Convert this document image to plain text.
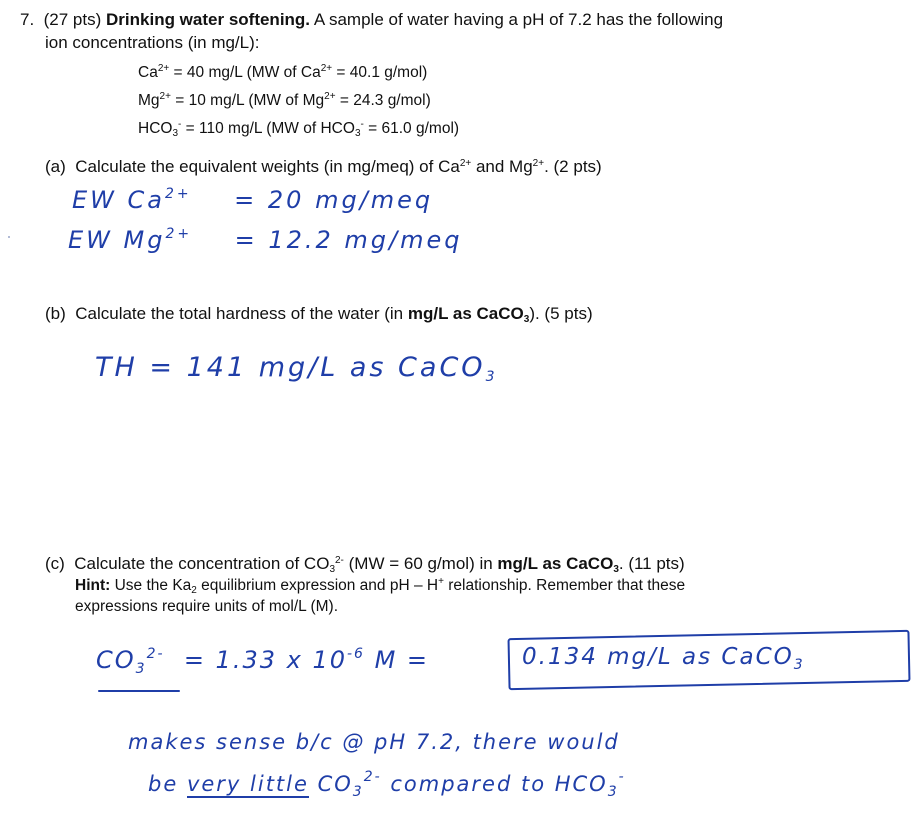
7. (27 pts) Drinking water softening. A sample of water having a pH of 7.2 has the following
ion concentrations (in mg/L):
$Ca^{2+} = 40$ mg/L (MW of $Ca^{2+} = 40.1$ g/mol)
$Mg^{2+} = 10$ mg/L (MW of $Mg^{2+} = 24.3$ g/mol)
$HCO_3^- = 110$ mg/L (MW of $HCO_3^- = 61.0$ g/mol)
(a) Calculate the equivalent weights (in mg/meq) of $Ca^{2+}$ and $Mg^{2+}$. (2 pts)
EW $Ca^{2+} = 20$ mg/meq
EW $Mg^{2+} = 12.2$ mg/meq
(b) Calculate the total hardness of the water (in mg/L as CaCO$_3$). (5 pts)
TH = 141 mg/L as CaCO$_3$
(c) Calculate the concentration of $CO_3^{2-}$ (MW = 60 g/mol) in mg/L as CaCO$_3$. (11 pts)
Hint: Use the $Ka_2$ equilibrium expression and pH – H+ relationship. Remember that these
expressions require units of mol/L (M).
$CO_3^{2-} = 1.33$ x $10^{-6}$ M =	0.134 mg/L as CaCO$_3$
makes sense b/c @ pH 7.2, there would
be very little $CO_3^{2-}$ compared to $HCO_3^-$
